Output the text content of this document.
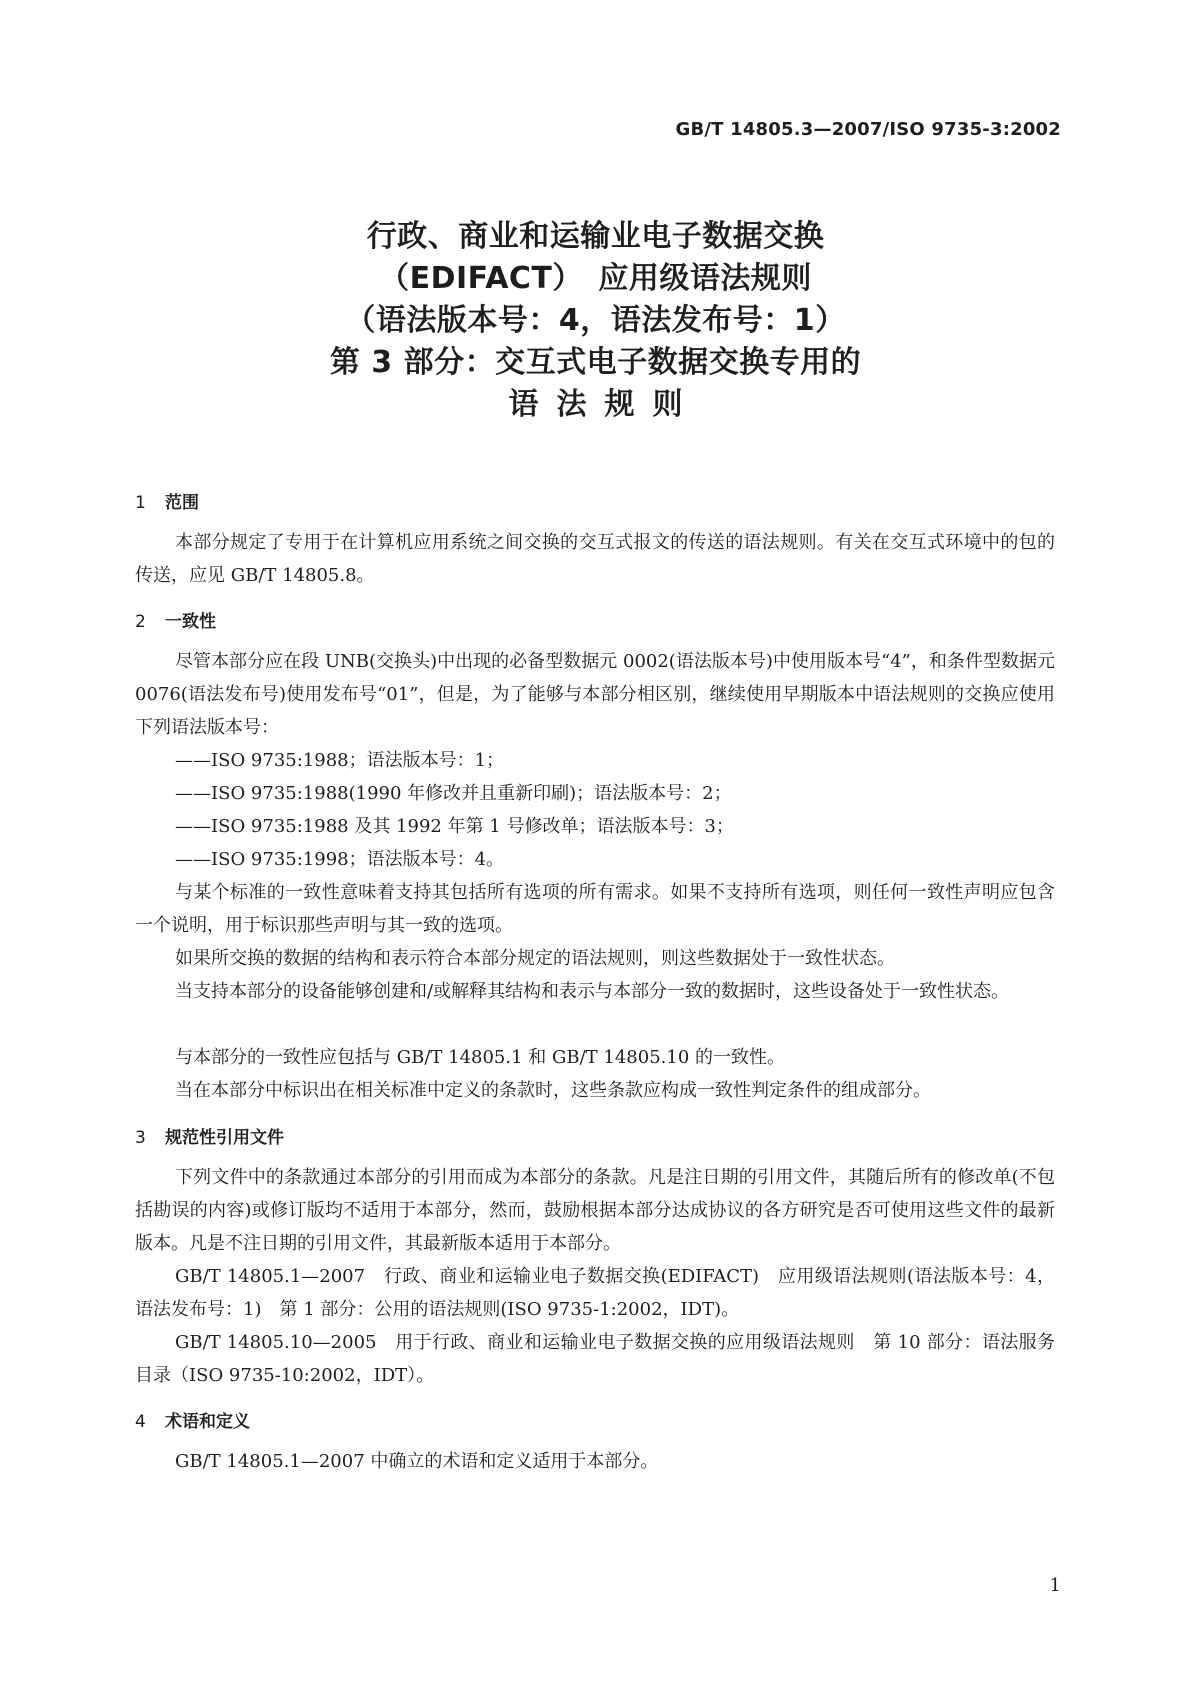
GB/T 14805.3—2007/ISO 9735-3:2002
行政、商业和运输业电子数据交换
（EDIFACT）　应用级语法规则
（语法版本号：4，语法发布号：1）
第 3 部分：交互式电子数据交换专用的
语法规则
1 范围
本部分规定了专用于在计算机应用系统之间交换的交互式报文的传送的语法规则。有关在交互式环境中的包的传送，应见 GB/T 14805.8。
2 一致性
尽管本部分应在段 UNB(交换头)中出现的必备型数据元 0002(语法版本号)中使用版本号“4”，和条件型数据元 0076(语法发布号)使用发布号“01”，但是，为了能够与本部分相区别，继续使用早期版本中语法规则的交换应使用下列语法版本号：
——ISO 9735:1988；语法版本号：1；
——ISO 9735:1988(1990 年修改并且重新印刷)；语法版本号：2；
——ISO 9735:1988 及其 1992 年第 1 号修改单；语法版本号：3；
——ISO 9735:1998；语法版本号：4。
与某个标准的一致性意味着支持其包括所有选项的所有需求。如果不支持所有选项，则任何一致性声明应包含一个说明，用于标识那些声明与其一致的选项。
如果所交换的数据的结构和表示符合本部分规定的语法规则，则这些数据处于一致性状态。
当支持本部分的设备能够创建和/或解释其结构和表示与本部分一致的数据时，这些设备处于一致性状态。
与本部分的一致性应包括与 GB/T 14805.1 和 GB/T 14805.10 的一致性。
当在本部分中标识出在相关标准中定义的条款时，这些条款应构成一致性判定条件的组成部分。
3 规范性引用文件
下列文件中的条款通过本部分的引用而成为本部分的条款。凡是注日期的引用文件，其随后所有的修改单(不包括勘误的内容)或修订版均不适用于本部分，然而，鼓励根据本部分达成协议的各方研究是否可使用这些文件的最新版本。凡是不注日期的引用文件，其最新版本适用于本部分。
GB/T 14805.1—2007　行政、商业和运输业电子数据交换(EDIFACT)　应用级语法规则(语法版本号：4，语法发布号：1)　第 1 部分：公用的语法规则(ISO 9735-1:2002，IDT)。
GB/T 14805.10—2005　用于行政、商业和运输业电子数据交换的应用级语法规则　第 10 部分：语法服务目录（ISO 9735-10:2002，IDT）。
4 术语和定义
GB/T 14805.1—2007 中确立的术语和定义适用于本部分。
1
